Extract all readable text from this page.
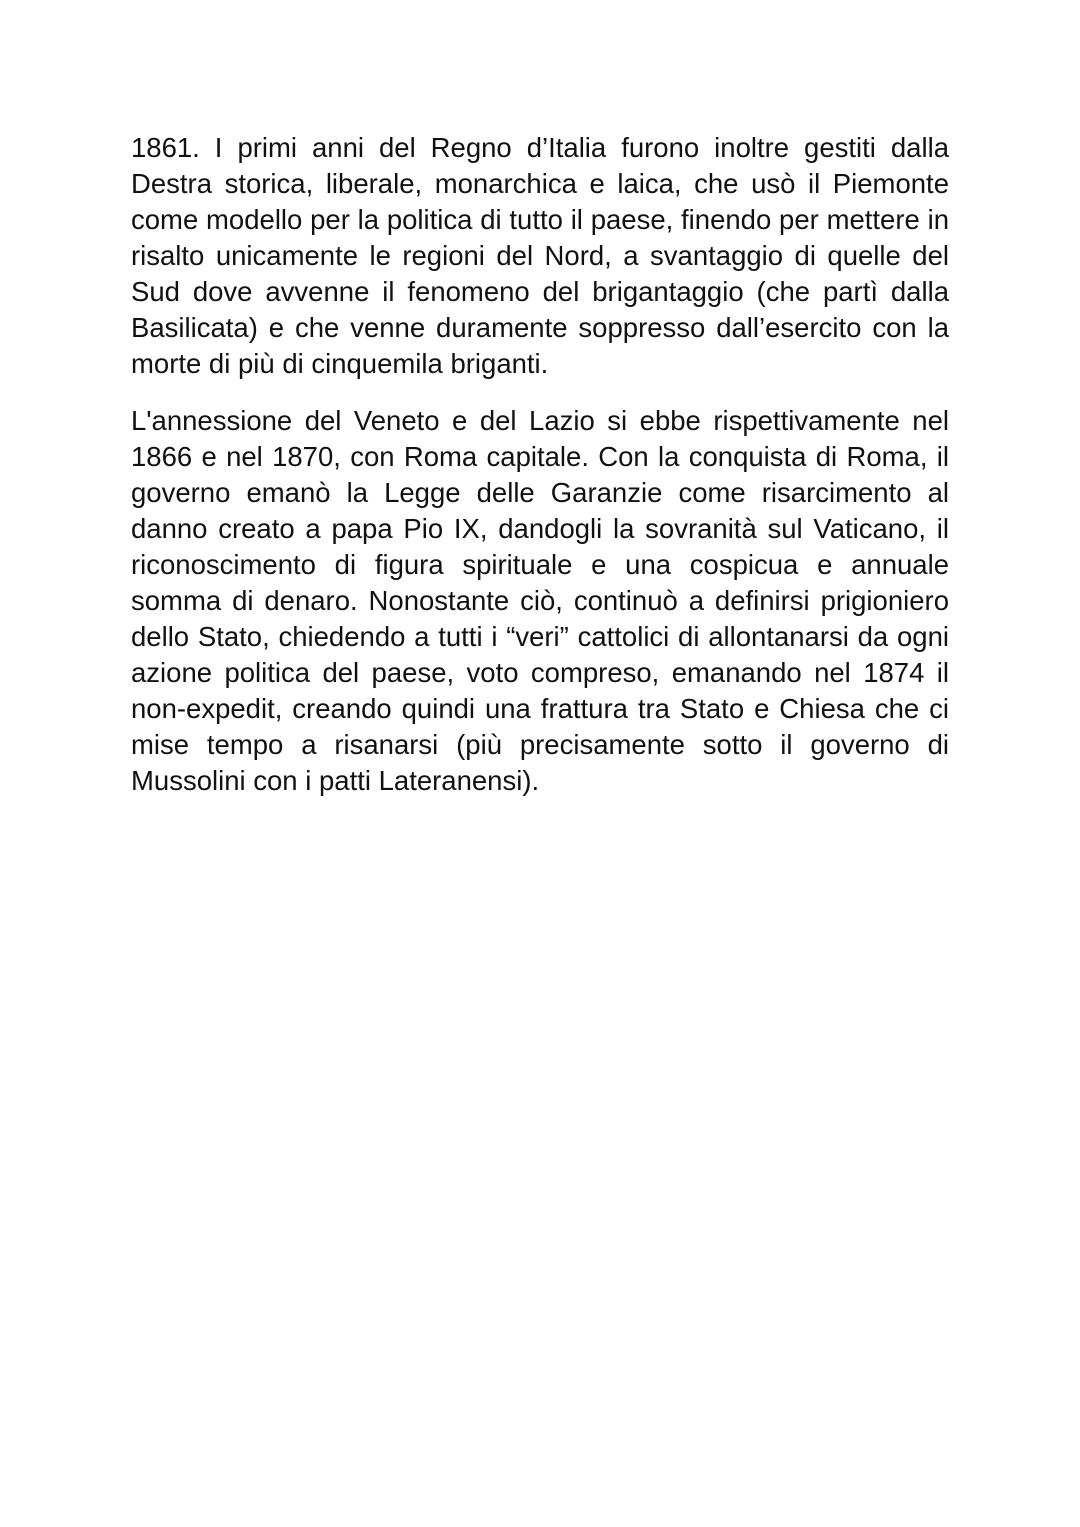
1861. I primi anni del Regno d’Italia furono inoltre gestiti dalla Destra storica, liberale, monarchica e laica, che usò il Piemonte come modello per la politica di tutto il paese, finendo per mettere in risalto unicamente le regioni del Nord, a svantaggio di quelle del Sud dove avvenne il fenomeno del brigantaggio (che partì dalla Basilicata) e che venne duramente soppresso dall’esercito con la morte di più di cinquemila briganti.

L'annessione del Veneto e del Lazio si ebbe rispettivamente nel 1866 e nel 1870, con Roma capitale. Con la conquista di Roma, il governo emanò la Legge delle Garanzie come risarcimento al danno creato a papa Pio IX, dandogli la sovranità sul Vaticano, il riconoscimento di figura spirituale e una cospicua e annuale somma di denaro. Nonostante ciò, continuò a definirsi prigioniero dello Stato, chiedendo a tutti i “veri” cattolici di allontanarsi da ogni azione politica del paese, voto compreso, emanando nel 1874 il non-expedit, creando quindi una frattura tra Stato e Chiesa che ci mise tempo a risanarsi (più precisamente sotto il governo di Mussolini con i patti Lateranensi).
